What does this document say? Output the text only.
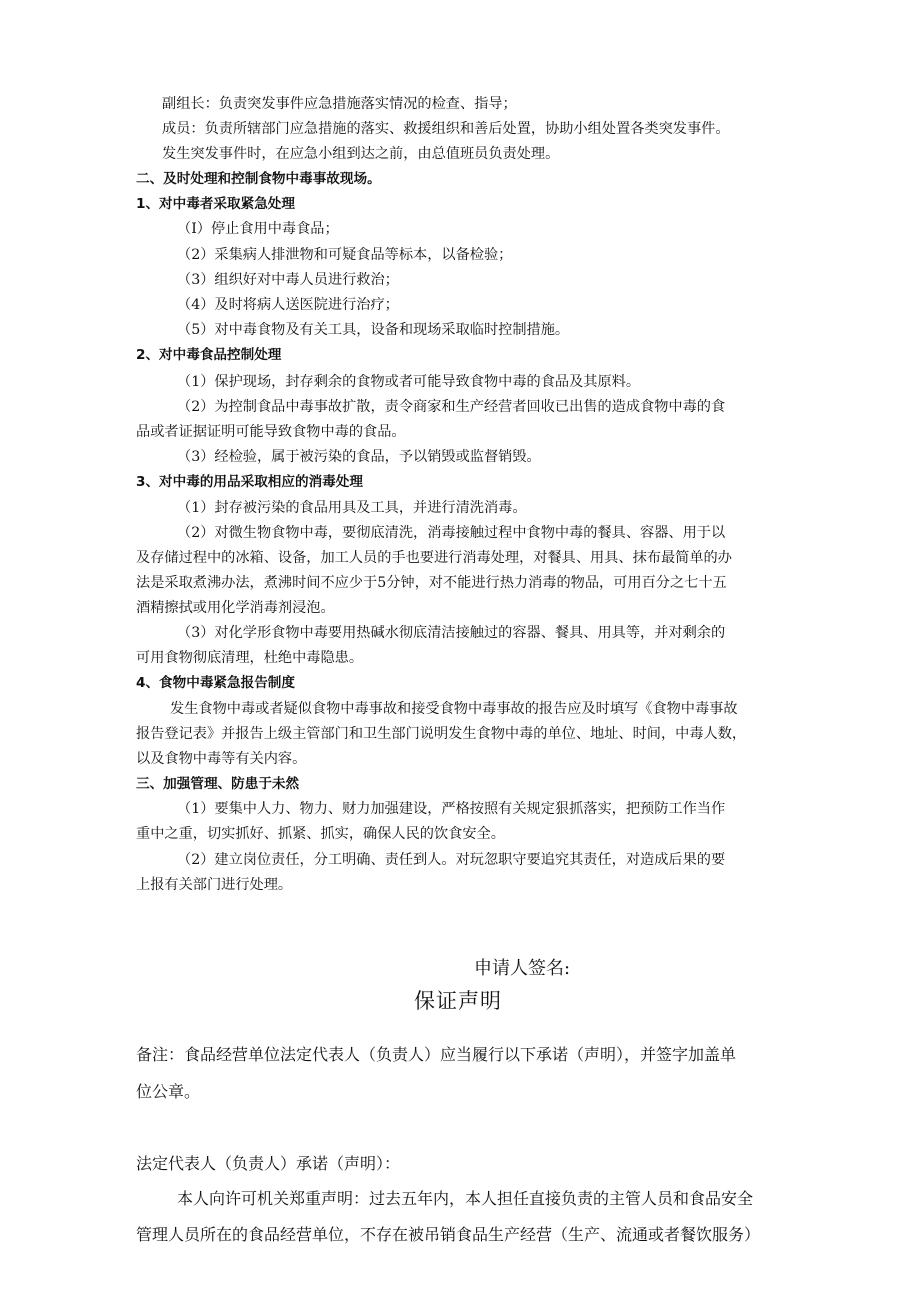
副组长：负责突发事件应急措施落实情况的检查、指导；

成员：负责所辖部门应急措施的落实、救援组织和善后处置，协助小组处置各类突发事件。

发生突发事件时，在应急小组到达之前，由总值班员负责处理。

二、及时处理和控制食物中毒事故现场。

1、对中毒者采取紧急处理

（I）停止食用中毒食品；

（2）采集病人排泄物和可疑食品等标本，以备检验；

（3）组织好对中毒人员进行救治；

（4）及时将病人送医院进行治疗；

（5）对中毒食物及有关工具，设备和现场采取临时控制措施。

2、对中毒食品控制处理

（1）保护现场，封存剩余的食物或者可能导致食物中毒的食品及其原料。

（2）为控制食品中毒事故扩散，责令商家和生产经营者回收已出售的造成食物中毒的食

品或者证据证明可能导致食物中毒的食品。

（3）经检验，属于被污染的食品，予以销毁或监督销毁。

3、对中毒的用品采取相应的消毒处理

（1）封存被污染的食品用具及工具，并进行清洗消毒。

（2）对微生物食物中毒，要彻底清洗，消毒接触过程中食物中毒的餐具、容器、用于以

及存储过程中的冰箱、设备，加工人员的手也要进行消毒处理，对餐具、用具、抹布最简单的办

法是采取煮沸办法，煮沸时间不应少于5分钟，对不能进行热力消毒的物品，可用百分之七十五

酒精擦拭或用化学消毒剂浸泡。

（3）对化学形食物中毒要用热碱水彻底清洁接触过的容器、餐具、用具等，并对剩余的

可用食物彻底清理，杜绝中毒隐患。

4、食物中毒紧急报告制度

发生食物中毒或者疑似食物中毒事故和接受食物中毒事故的报告应及时填写《食物中毒事故

报告登记表》并报告上级主管部门和卫生部门说明发生食物中毒的单位、地址、时间，中毒人数，

以及食物中毒等有关内容。

三、加强管理、防患于未然

（1）要集中人力、物力、财力加强建设，严格按照有关规定狠抓落实，把预防工作当作

重中之重，切实抓好、抓紧、抓实，确保人民的饮食安全。

（2）建立岗位责任，分工明确、责任到人。对玩忽职守要追究其责任，对造成后果的要

上报有关部门进行处理。

申请人签名:

保证声明

备注：食品经营单位法定代表人（负责人）应当履行以下承诺（声明），并签字加盖单

位公章。

法定代表人（负责人）承诺（声明）：

本人向许可机关郑重声明：过去五年内，本人担任直接负责的主管人员和食品安全

管理人员所在的食品经营单位，不存在被吊销食品生产经营（生产、流通或者餐饮服务）
